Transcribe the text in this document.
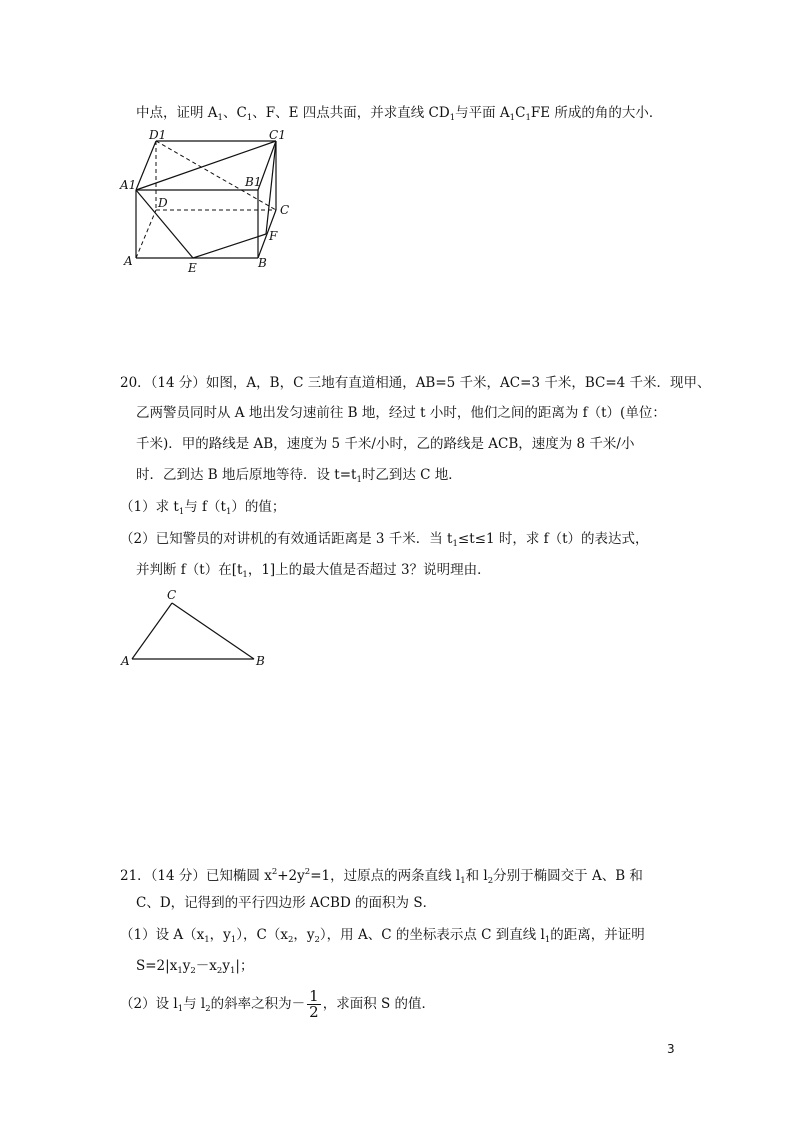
中点，证明 $A_1$、$C_1$、F、E 四点共面，并求直线 $CD_1$与平面 $A_1C_1FE$ 所成的角的大小．
D1	C1
A1	B1
D	C
F
A	E	B
20．（14 分）如图，A，B，C 三地有直道相通，AB=5 千米，AC=3 千米，BC=4 千米．现甲、
乙两警员同时从 A 地出发匀速前往 B 地，经过 t 小时，他们之间的距离为 f（t）(单位：
千米)．甲的路线是 AB，速度为 5 千米/小时，乙的路线是 ACB，速度为 8 千米/小
时．乙到达 B 地后原地等待．设 $t=t_1$时乙到达 C 地．
（1）求 $t_1$与 $f(t_1)$的值；
（2）已知警员的对讲机的有效通话距离是 3 千米．当 $t_1\le t\le 1$ 时，求 f（t）的表达式，
并判断 f（t）在[$t_1$，1]上的最大值是否超过 3？说明理由．
C
A	B
21．（14 分）已知椭圆 $x^2+2y^2=1$，过原点的两条直线 $l_1$和 $l_2$分别于椭圆交于 A、B 和
C、D，记得到的平行四边形 ACBD 的面积为 S．
（1）设 $A(x_1$，$y_1$），$C(x_2$，$y_2$），用 A、C 的坐标表示点 C 到直线 $l_1$的距离，并证明
$S=2|x_1y_2-x_2y_1|$；
（2）设 $l_1$与 $l_2$的斜率之积为－ $\frac{1}{2}$ ，求面积 S 的值．
3
